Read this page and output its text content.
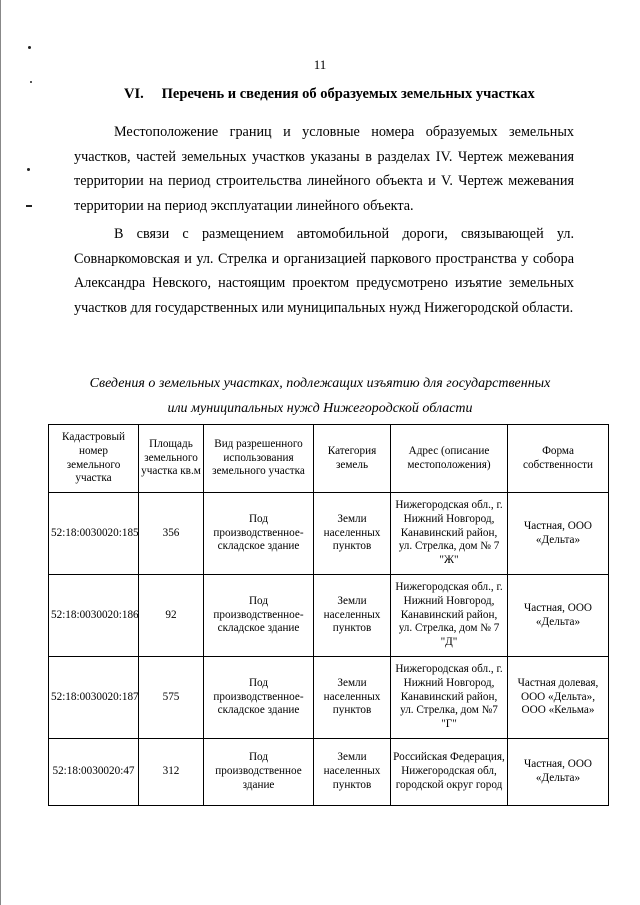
11
VI. Перечень и сведения об образуемых земельных участках
Местоположение границ и условные номера образуемых земельных участков, частей земельных участков указаны в разделах IV. Чертеж межевания территории на период строительства линейного объекта и V. Чертеж межевания территории на период эксплуатации линейного объекта.
В связи с размещением автомобильной дороги, связывающей ул. Совнаркомовская и ул. Стрелка и организацией паркового пространства у собора Александра Невского, настоящим проектом предусмотрено изъятие земельных участков для государственных или муниципальных нужд Нижегородской области.
Сведения о земельных участках, подлежащих изъятию для государственных
или муниципальных нужд Нижегородской области
Кадастровый номер земельного участка	Площадь земельного участка кв.м	Вид разрешенного использования земельного участка	Категория земель	Адрес (описание местоположения)	Форма собственности
52:18:0030020:185	356	Под производственное-складское здание	Земли населенных пунктов	Нижегородская обл., г. Нижний Новгород, Канавинский район, ул. Стрелка, дом № 7 "Ж"	Частная, ООО «Дельта»
52:18:0030020:186	92	Под производственное-складское здание	Земли населенных пунктов	Нижегородская обл., г. Нижний Новгород, Канавинский район, ул. Стрелка, дом № 7 "Д"	Частная, ООО «Дельта»
52:18:0030020:187	575	Под производственное-складское здание	Земли населенных пунктов	Нижегородская обл., г. Нижний Новгород, Канавинский район, ул. Стрелка, дом №7 "Г"	Частная долевая, ООО «Дельта», ООО «Кельма»
52:18:0030020:47	312	Под производственное здание	Земли населенных пунктов	Российская Федерация, Нижегородская обл, городской округ город	Частная, ООО «Дельта»
